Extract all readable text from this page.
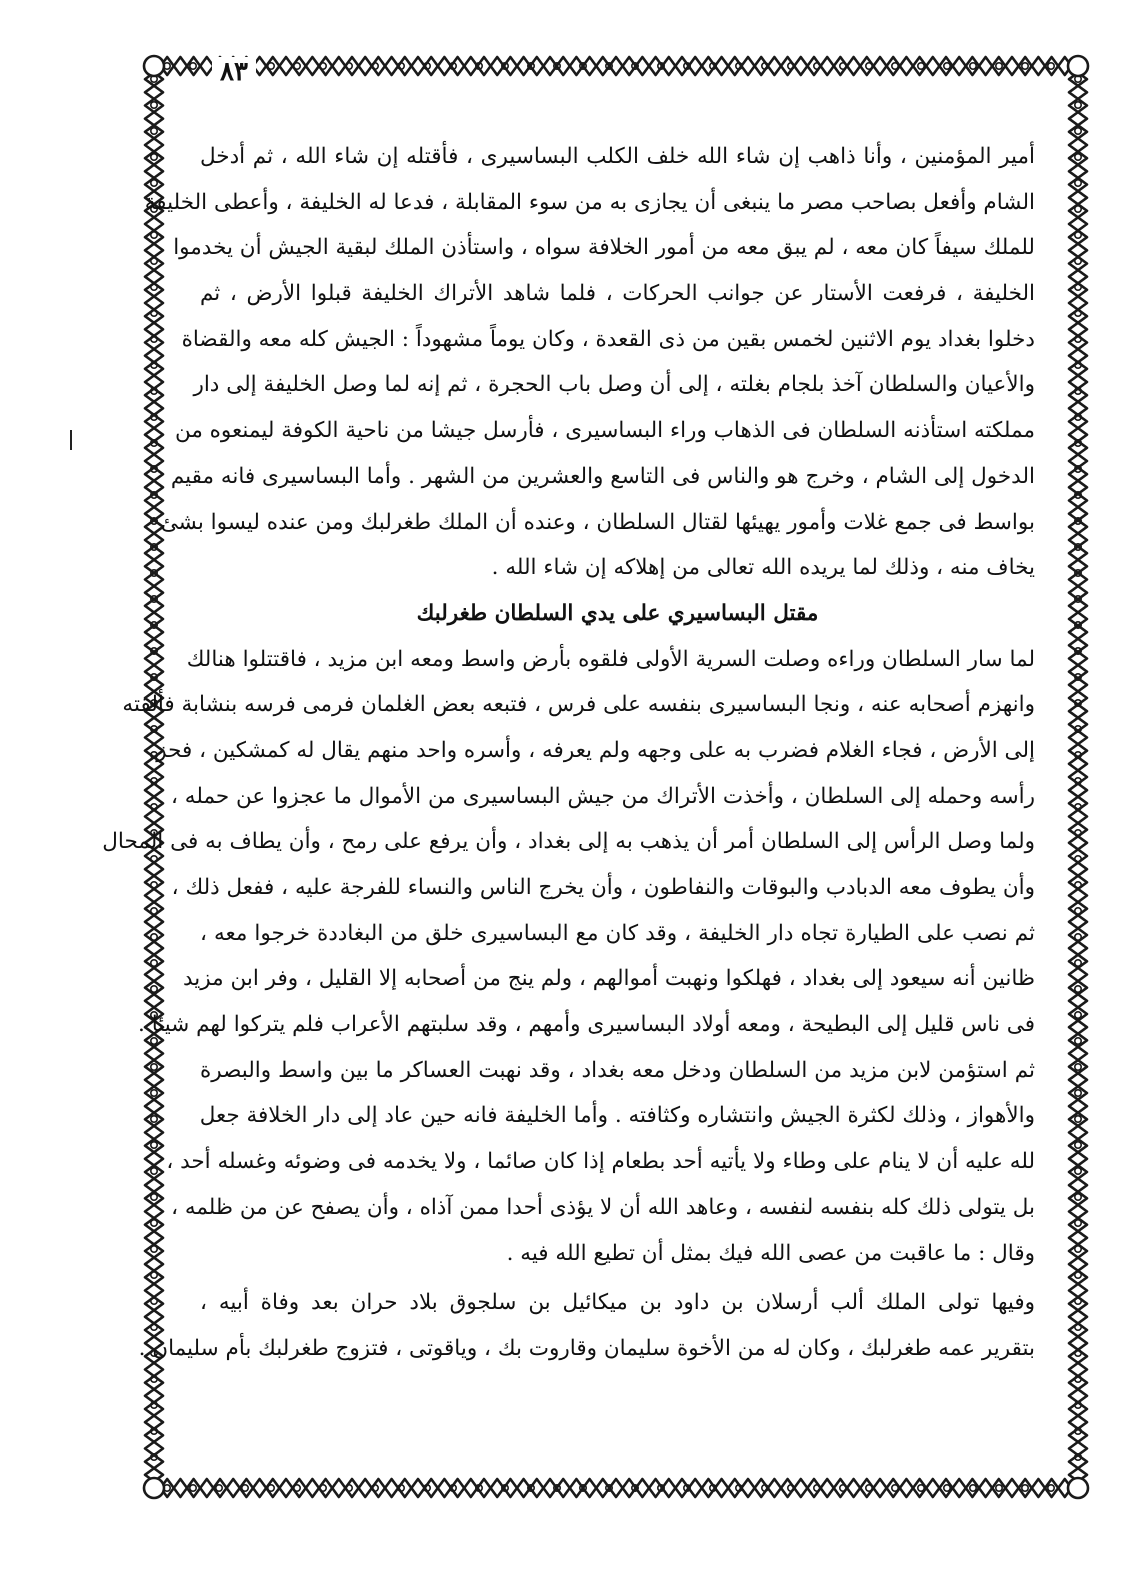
٨٣
أمير المؤمنين ، وأنا ذاهب إن شاء الله خلف الكلب البساسيرى ، فأقتله إن شاء الله ، ثم أدخل
الشام وأفعل بصاحب مصر ما ينبغى أن يجازى به من سوء المقابلة ، فدعا له الخليفة ، وأعطى الخليفة
للملك سيفاً كان معه ، لم يبق معه من أمور الخلافة سواه ، واستأذن الملك لبقية الجيش أن يخدموا
الخليفة ، فرفعت الأستار عن جوانب الحركات ، فلما شاهد الأتراك الخليفة قبلوا الأرض ، ثم
دخلوا بغداد يوم الاثنين لخمس بقين من ذى القعدة ، وكان يوماً مشهوداً : الجيش كله معه والقضاة
والأعيان والسلطان آخذ بلجام بغلته ، إلى أن وصل باب الحجرة ، ثم إنه لما وصل الخليفة إلى دار
مملكته استأذنه السلطان فى الذهاب وراء البساسيرى ، فأرسل جيشا من ناحية الكوفة ليمنعوه من
الدخول إلى الشام ، وخرج هو والناس فى التاسع والعشرين من الشهر . وأما البساسيرى فانه مقيم
بواسط فى جمع غلات وأمور يهيئها لقتال السلطان ، وعنده أن الملك طغرلبك ومن عنده ليسوا بشئ
يخاف منه ، وذلك لما يريده الله تعالى من إهلاكه إن شاء الله .
مقتل البساسيري على يدي السلطان طغرلبك
لما سار السلطان وراءه وصلت السرية الأولى فلقوه بأرض واسط ومعه ابن مزيد ، فاقتتلوا هنالك
وانهزم أصحابه عنه ، ونجا البساسيرى بنفسه على فرس ، فتبعه بعض الغلمان فرمى فرسه بنشابة فألقته
إلى الأرض ، فجاء الغلام فضرب به على وجهه ولم يعرفه ، وأسره واحد منهم يقال له كمشكين ، فحز
رأسه وحمله إلى السلطان ، وأخذت الأتراك من جيش البساسيرى من الأموال ما عجزوا عن حمله ،
ولما وصل الرأس إلى السلطان أمر أن يذهب به إلى بغداد ، وأن يرفع على رمح ، وأن يطاف به فى المحال
وأن يطوف معه الدبادب والبوقات والنفاطون ، وأن يخرج الناس والنساء للفرجة عليه ، ففعل ذلك ،
ثم نصب على الطيارة تجاه دار الخليفة ، وقد كان مع البساسيرى خلق من البغاددة خرجوا معه ،
ظانين أنه سيعود إلى بغداد ، فهلكوا ونهبت أموالهم ، ولم ينج من أصحابه إلا القليل ، وفر ابن مزيد
فى ناس قليل إلى البطيحة ، ومعه أولاد البساسيرى وأمهم ، وقد سلبتهم الأعراب فلم يتركوا لهم شيئا .
ثم استؤمن لابن مزيد من السلطان ودخل معه بغداد ، وقد نهبت العساكر ما بين واسط والبصرة
والأهواز ، وذلك لكثرة الجيش وانتشاره وكثافته . وأما الخليفة فانه حين عاد إلى دار الخلافة جعل
لله عليه أن لا ينام على وطاء ولا يأتيه أحد بطعام إذا كان صائما ، ولا يخدمه فى وضوئه وغسله أحد ،
بل يتولى ذلك كله بنفسه لنفسه ، وعاهد الله أن لا يؤذى أحدا ممن آذاه ، وأن يصفح عن من ظلمه ،
وقال : ما عاقبت من عصى الله فيك بمثل أن تطيع الله فيه .
وفيها تولى الملك ألب أرسلان بن داود بن ميكائيل بن سلجوق بلاد حران بعد وفاة أبيه ،
بتقرير عمه طغرلبك ، وكان له من الأخوة سليمان وقاروت بك ، وياقوتى ، فتزوج طغرلبك بأم سليمان .
